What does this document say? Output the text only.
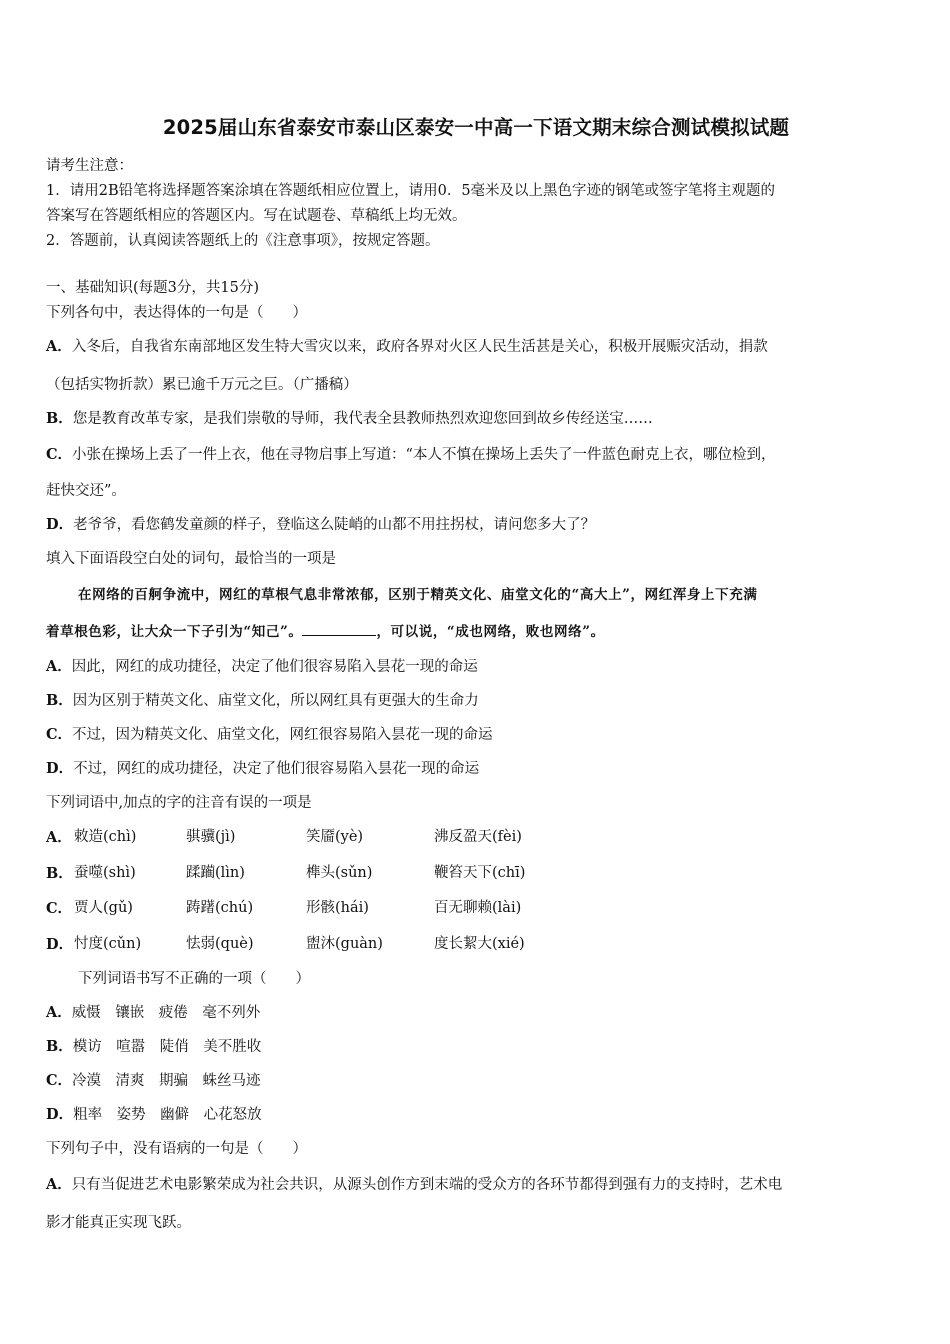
2025届山东省泰安市泰山区泰安一中高一下语文期末综合测试模拟试题
请考生注意：
1．请用2B铅笔将选择题答案涂填在答题纸相应位置上，请用0．5毫米及以上黑色字迹的钢笔或签字笔将主观题的
答案写在答题纸相应的答题区内。写在试题卷、草稿纸上均无效。
2．答题前，认真阅读答题纸上的《注意事项》，按规定答题。
一、基础知识(每题3分，共15分)
下列各句中，表达得体的一句是（　　）
A．入冬后，自我省东南部地区发生特大雪灾以来，政府各界对火区人民生活甚是关心，积极开展赈灾活动，捐款
（包括实物折款）累已逾千万元之巨。（广播稿）
B．您是教育改革专家，是我们崇敬的导师，我代表全县教师热烈欢迎您回到故乡传经送宝……
C．小张在操场上丢了一件上衣，他在寻物启事上写道：“本人不慎在操场上丢失了一件蓝色耐克上衣，哪位检到，
赶快交还”。
D．老爷爷，看您鹤发童颜的样子，登临这么陡峭的山都不用拄拐杖，请问您多大了？
填入下面语段空白处的词句，最恰当的一项是
在网络的百舸争流中，网红的草根气息非常浓郁，区别于精英文化、庙堂文化的“高大上”，网红浑身上下充满
着草根色彩，让大众一下子引为“知己”。	，可以说，“成也网络，败也网络”。
A．因此，网红的成功捷径，决定了他们很容易陷入昙花一现的命运
B．因为区别于精英文化、庙堂文化，所以网红具有更强大的生命力
C．不过，因为精英文化、庙堂文化，网红很容易陷入昙花一现的命运
D．不过，网红的成功捷径，决定了他们很容易陷入昙花一现的命运
下列词语中,加点的字的注音有误的一项是
A． 敕造(chì)	骐骥(jì)	笑靥(yè)	沸反盈天(fèi)
B． 蚕噬(shì)	蹂躏(lìn)	榫头(sǔn)	鞭笞天下(chī)
C． 贾人(gǔ)	踌躇(chú)	形骸(hái)	百无聊赖(lài)
D． 忖度(cǔn)	怯弱(què)	盥沐(guàn)	度长絜大(xié)
下列词语书写不正确的一项（　　）
A．威慑　镶嵌　疲倦　毫不列外
B．模访　喧嚣　陡俏　美不胜收
C．冷漠　清爽　期骗　蛛丝马迹
D．粗率　姿势　幽僻　心花怒放
下列句子中，没有语病的一句是（　　）
A．只有当促进艺术电影繁荣成为社会共识，从源头创作方到末端的受众方的各环节都得到强有力的支持时，艺术电
影才能真正实现飞跃。
